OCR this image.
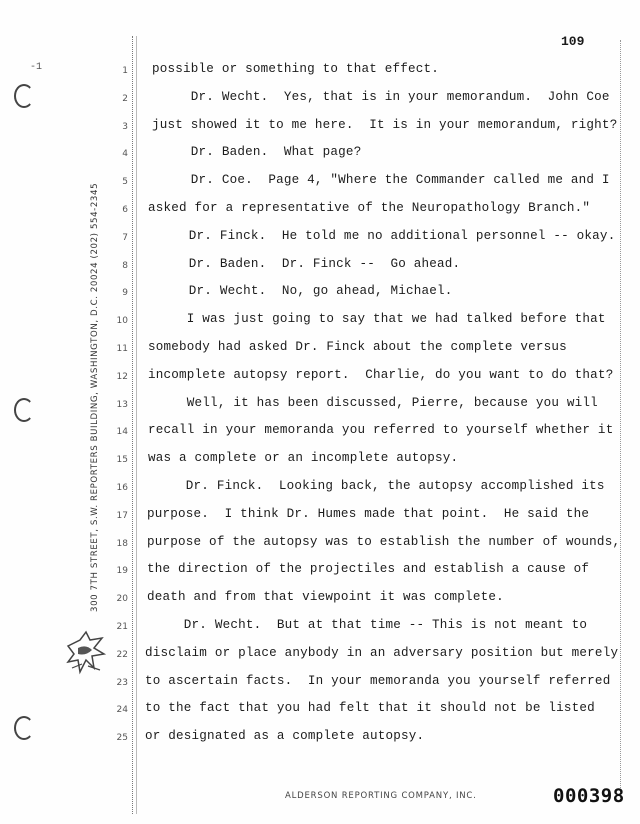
-1
300 7TH STREET, S.W. REPORTERS BUILDING, WASHINGTON, D.C. 20024 (202) 554-2345
109
1
2
3
4
5
6
7
8
9
10
11
12
13
14
15
16
17
18
19
20
21
22
23
24
25
possible or something to that effect.
Dr. Wecht.  Yes, that is in your memorandum.  John Coe
just showed it to me here.  It is in your memorandum, right?
Dr. Baden.  What page?
Dr. Coe.  Page 4, "Where the Commander called me and I
asked for a representative of the Neuropathology Branch."
Dr. Finck.  He told me no additional personnel -- okay.
Dr. Baden.  Dr. Finck --  Go ahead.
Dr. Wecht.  No, go ahead, Michael.
I was just going to say that we had talked before that
somebody had asked Dr. Finck about the complete versus
incomplete autopsy report.  Charlie, do you want to do that?
Well, it has been discussed, Pierre, because you will
recall in your memoranda you referred to yourself whether it
was a complete or an incomplete autopsy.
Dr. Finck.  Looking back, the autopsy accomplished its
purpose.  I think Dr. Humes made that point.  He said the
purpose of the autopsy was to establish the number of wounds,
the direction of the projectiles and establish a cause of
death and from that viewpoint it was complete.
Dr. Wecht.  But at that time -- This is not meant to
disclaim or place anybody in an adversary position but merely
to ascertain facts.  In your memoranda you yourself referred
to the fact that you had felt that it should not be listed
or designated as a complete autopsy.
ALDERSON REPORTING COMPANY, INC.	000398
